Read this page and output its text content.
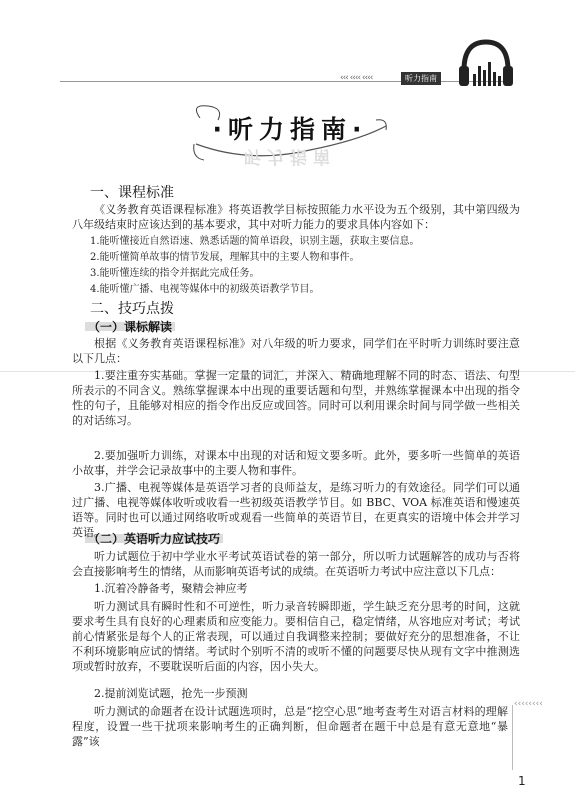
‹‹‹ ‹‹‹‹ ‹‹‹‹	听力指南
·听力指南·
听力指南
一、课程标准
《义务教育英语课程标准》将英语教学目标按照能力水平设为五个级别，其中第四级为八年级结束时应该达到的基本要求，其中对听力能力的要求具体内容如下：
1.能听懂接近自然语速、熟悉话题的简单语段，识别主题，获取主要信息。
2.能听懂简单故事的情节发展，理解其中的主要人物和事件。
3.能听懂连续的指令并据此完成任务。
4.能听懂广播、电视等媒体中的初级英语教学节目。
二、技巧点拨
（一）课标解读
根据《义务教育英语课程标准》对八年级的听力要求，同学们在平时听力训练时要注意以下几点：
1.要注重夯实基础。掌握一定量的词汇，并深入、精确地理解不同的时态、语法、句型所表示的不同含义。熟练掌握课本中出现的重要话题和句型，并熟练掌握课本中出现的指令性的句子，且能够对相应的指令作出反应或回答。同时可以利用课余时间与同学做一些相关的对话练习。
2.要加强听力训练，对课本中出现的对话和短文要多听。此外，要多听一些简单的英语小故事，并学会记录故事中的主要人物和事件。
3.广播、电视等媒体是英语学习者的良师益友，是练习听力的有效途径。同学们可以通过广播、电视等媒体收听或收看一些初级英语教学节目。如 BBC、VOA 标准英语和慢速英语等。同时也可以通过网络收听或观看一些简单的英语节目，在更真实的语境中体会并学习英语。
（二）英语听力应试技巧
听力试题位于初中学业水平考试英语试卷的第一部分，所以听力试题解答的成功与否将会直接影响考生的情绪，从而影响英语考试的成绩。在英语听力考试中应注意以下几点：
1.沉着冷静备考，聚精会神应考
听力测试具有瞬时性和不可逆性，听力录音转瞬即逝，学生缺乏充分思考的时间，这就要求考生具有良好的心理素质和应变能力。要相信自己，稳定情绪，从容地应对考试；考试前心情紧张是每个人的正常表现，可以通过自我调整来控制；要做好充分的思想准备，不让不利环境影响应试的情绪。考试时个别听不清的或听不懂的问题要尽快从现有文字中推测选项或暂时放弃，不要耽误听后面的内容，因小失大。
2.提前浏览试题，抢先一步预测
听力测试的命题者在设计试题选项时，总是“挖空心思”地考查考生对语言材料的理解程度，设置一些干扰项来影响考生的正确判断，但命题者在题干中总是有意无意地“暴露”该
‹‹‹‹‹‹‹‹
1
